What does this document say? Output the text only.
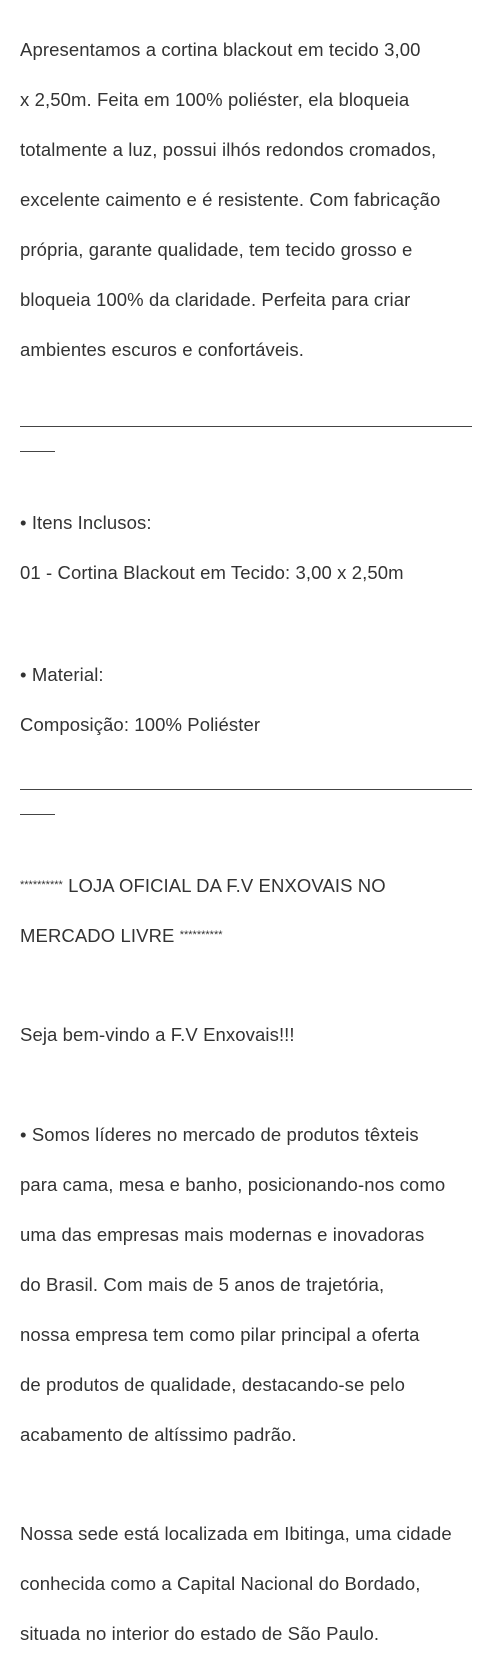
Apresentamos a cortina blackout em tecido 3,00

x 2,50m. Feita em 100% poliéster, ela bloqueia

totalmente a luz, possui ilhós redondos cromados,

excelente caimento e é resistente. Com fabricação

própria, garante qualidade, tem tecido grosso e

bloqueia 100% da claridade. Perfeita para criar

ambientes escuros e confortáveis.

• Itens Inclusos:

01 - Cortina Blackout em Tecido: 3,00 x 2,50m

• Material:

Composição: 100% Poliéster

********** LOJA OFICIAL DA F.V ENXOVAIS NO

MERCADO LIVRE **********

Seja bem-vindo a F.V Enxovais!!!

• Somos líderes no mercado de produtos têxteis

para cama, mesa e banho, posicionando-nos como

uma das empresas mais modernas e inovadoras

do Brasil. Com mais de 5 anos de trajetória,

nossa empresa tem como pilar principal a oferta

de produtos de qualidade, destacando-se pelo

acabamento de altíssimo padrão.

Nossa sede está localizada em Ibitinga, uma cidade

conhecida como a Capital Nacional do Bordado,

situada no interior do estado de São Paulo.
